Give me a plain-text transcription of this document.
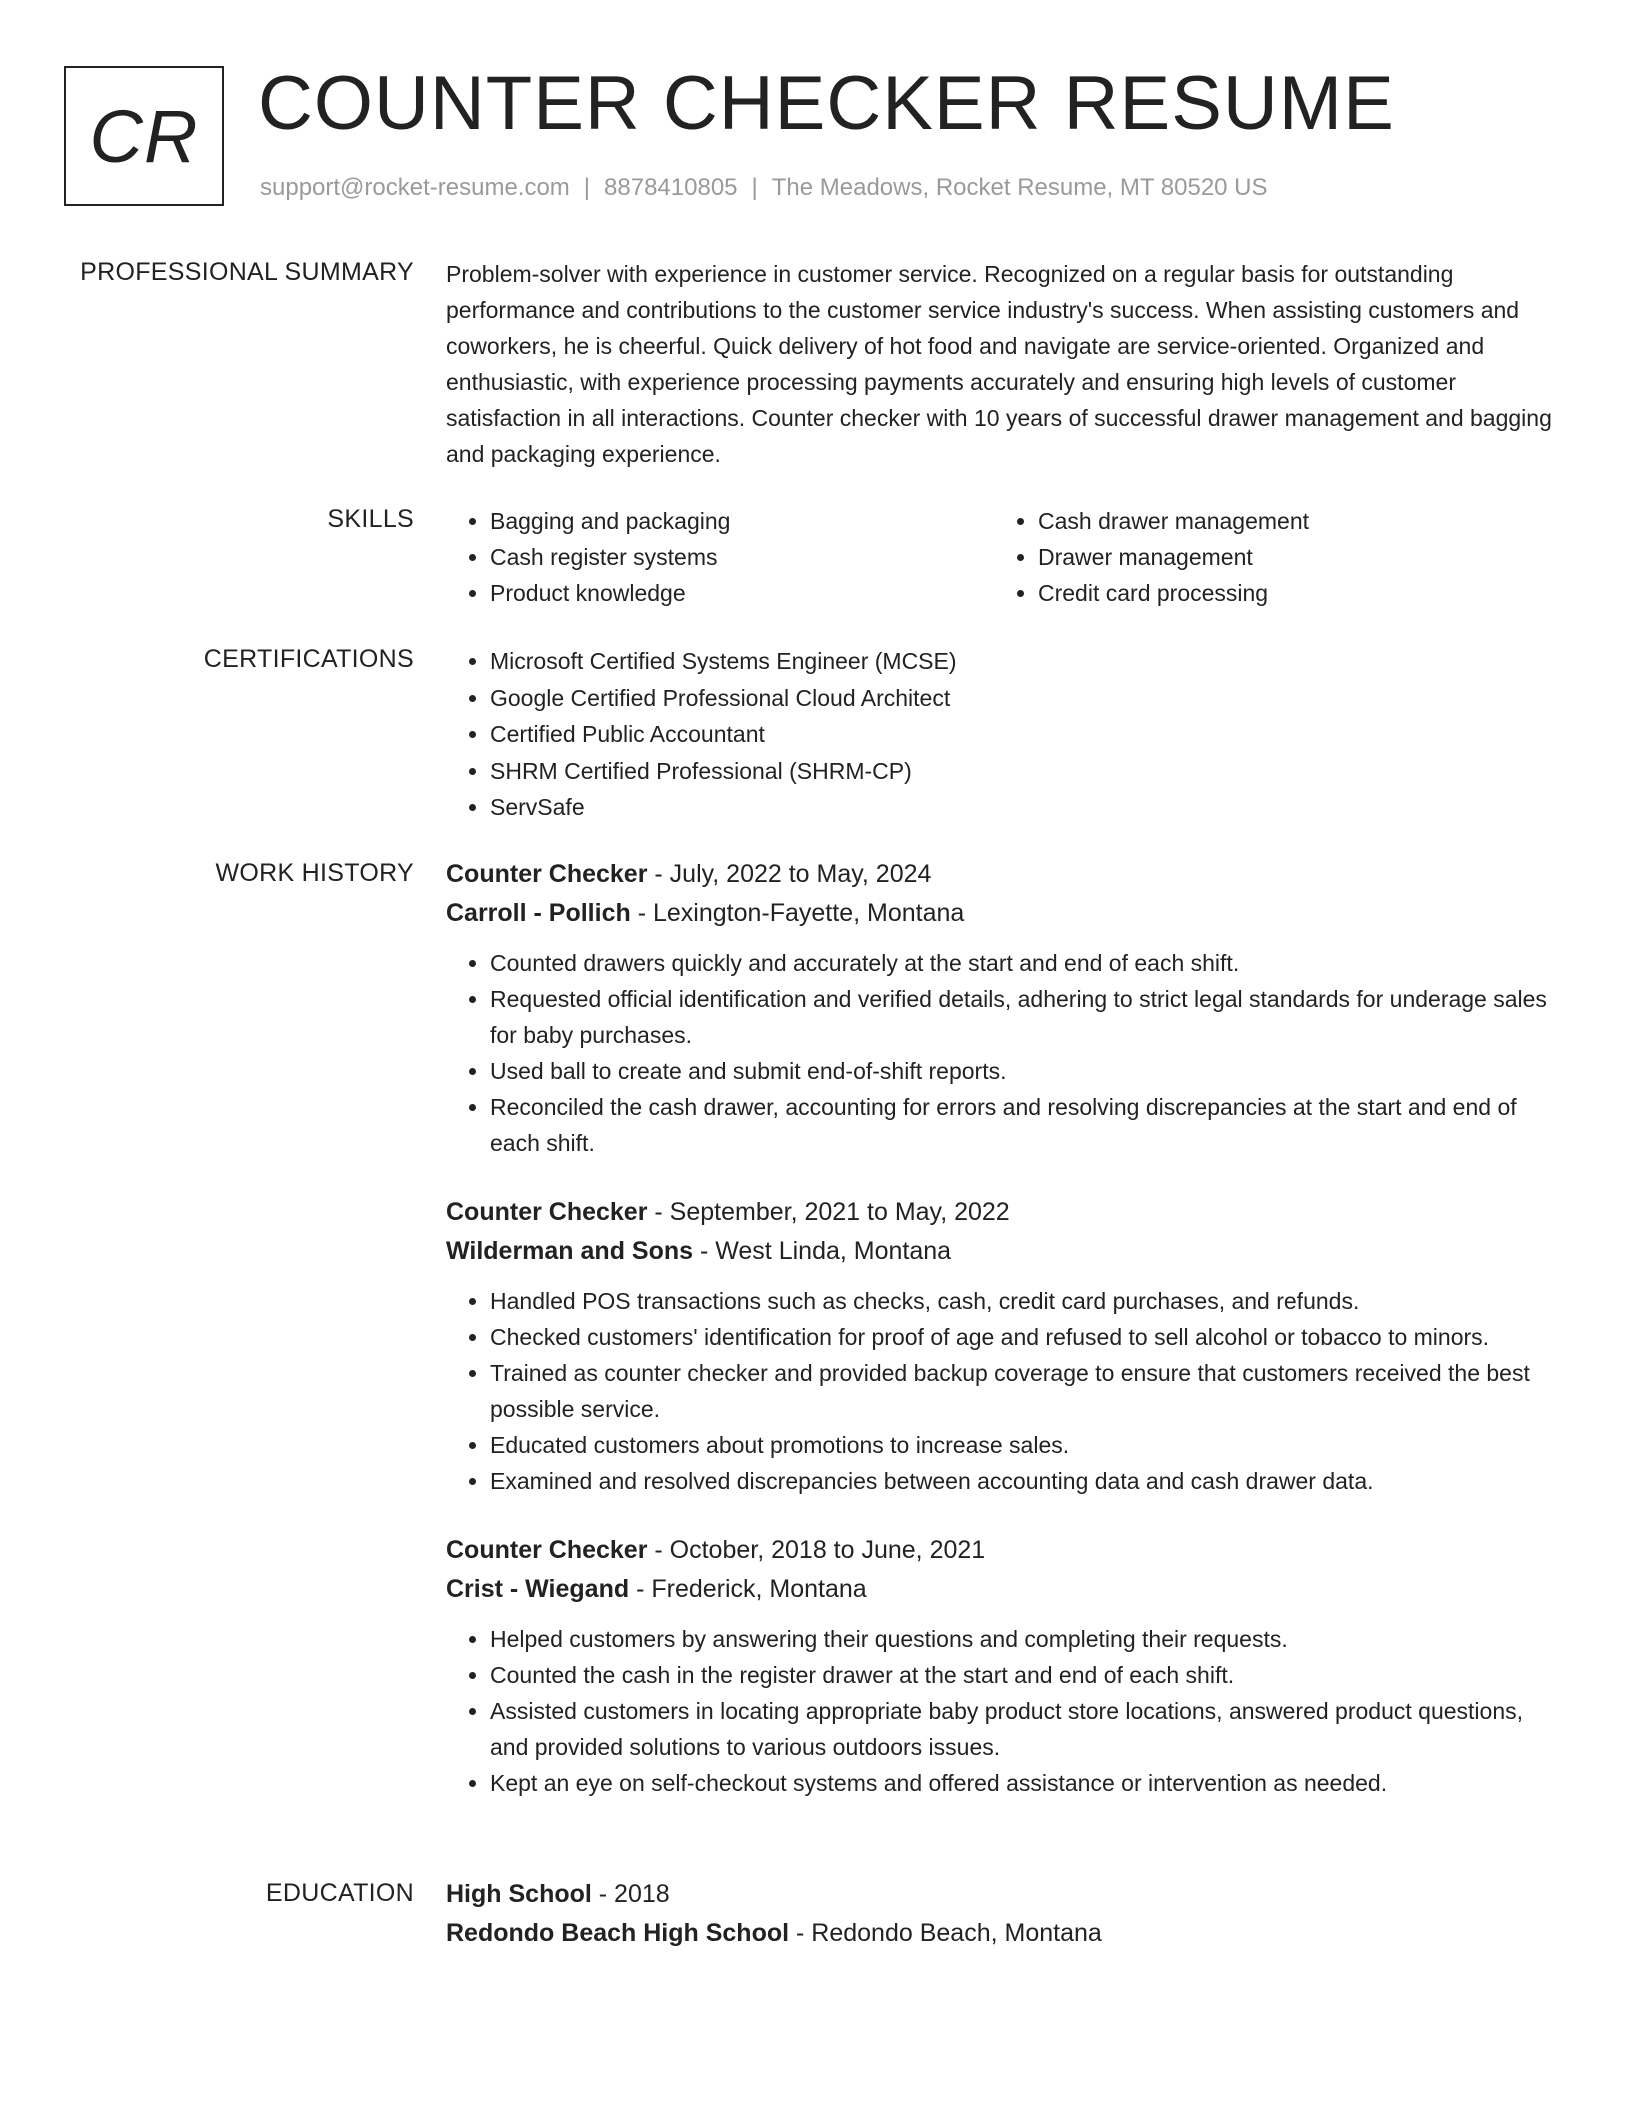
CR COUNTER CHECKER RESUME
support@rocket-resume.com | 8878410805 | The Meadows, Rocket Resume, MT 80520 US
PROFESSIONAL SUMMARY Problem-solver with experience in customer service. Recognized on a regular basis for outstanding performance and contributions to the customer service industry's success. When assisting customers and coworkers, he is cheerful. Quick delivery of hot food and navigate are service-oriented. Organized and enthusiastic, with experience processing payments accurately and ensuring high levels of customer satisfaction in all interactions. Counter checker with 10 years of successful drawer management and bagging and packaging experience.

SKILLS	• Bagging and packaging
• Cash register systems
• Product knowledge
• Cash drawer management
• Drawer management
• Credit card processing
CERTIFICATIONS	• Microsoft Certified Systems Engineer (MCSE)
• Google Certified Professional Cloud Architect
• Certified Public Accountant
• SHRM Certified Professional (SHRM-CP)
• ServSafe
WORK HISTORY Counter Checker - July, 2022 to May, 2024
Carroll - Pollich - Lexington-Fayette, Montana
• Counted drawers quickly and accurately at the start and end of each shift.
• Requested official identification and verified details, adhering to strict legal standards for underage sales for baby purchases.
• Used ball to create and submit end-of-shift reports.
• Reconciled the cash drawer, accounting for errors and resolving discrepancies at the start and end of each shift.
Counter Checker - September, 2021 to May, 2022
Wilderman and Sons - West Linda, Montana
• Handled POS transactions such as checks, cash, credit card purchases, and refunds.
• Checked customers' identification for proof of age and refused to sell alcohol or tobacco to minors.
• Trained as counter checker and provided backup coverage to ensure that customers received the best possible service.
• Educated customers about promotions to increase sales.
• Examined and resolved discrepancies between accounting data and cash drawer data.
Counter Checker - October, 2018 to June, 2021
Crist - Wiegand - Frederick, Montana
• Helped customers by answering their questions and completing their requests.
• Counted the cash in the register drawer at the start and end of each shift.
• Assisted customers in locating appropriate baby product store locations, answered product questions, and provided solutions to various outdoors issues.
• Kept an eye on self-checkout systems and offered assistance or intervention as needed.
EDUCATION High School - 2018
Redondo Beach High School - Redondo Beach, Montana
